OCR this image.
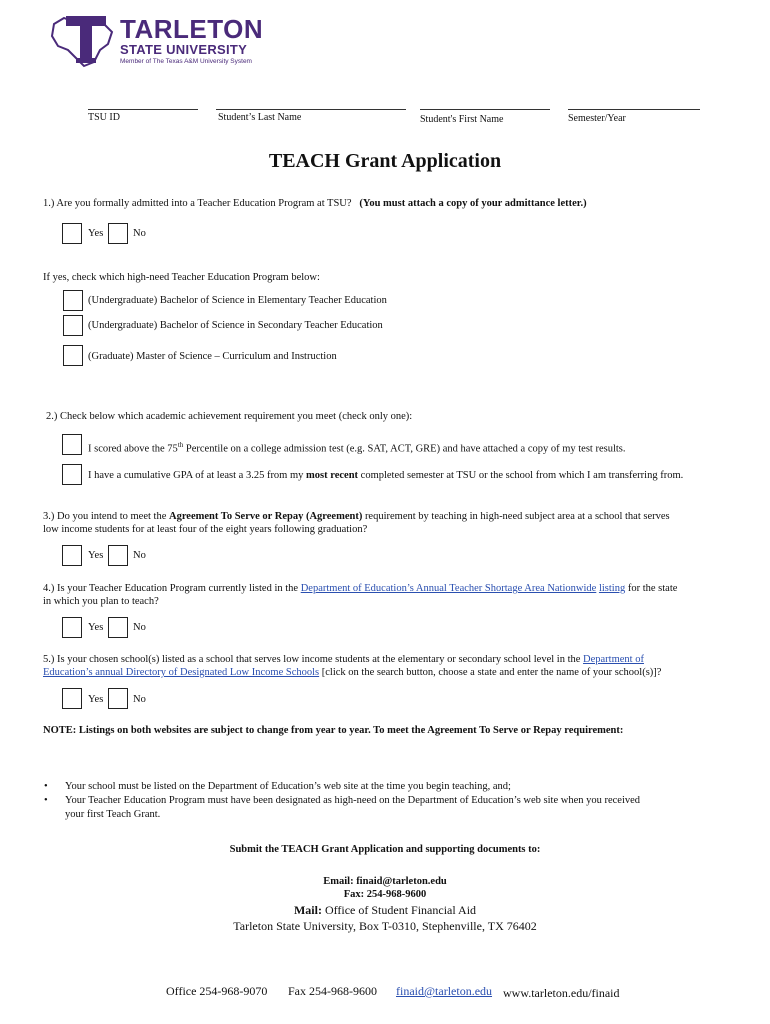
TARLETON
STATE UNIVERSITY
Member of The Texas A&M University System
TSU ID	Student’s Last Name	Student's First Name	Semester/Year
TEACH Grant Application
1.) Are you formally admitted into a Teacher Education Program at TSU? (You must attach a copy of your admittance letter.)
Yes	No
If yes, check which high-need Teacher Education Program below:
(Undergraduate) Bachelor of Science in Elementary Teacher Education
(Undergraduate) Bachelor of Science in Secondary Teacher Education
(Graduate) Master of Science – Curriculum and Instruction
2.) Check below which academic achievement requirement you meet (check only one):
I scored above the 75th Percentile on a college admission test (e.g. SAT, ACT, GRE) and have attached a copy of my test results.
I have a cumulative GPA of at least a 3.25 from my most recent completed semester at TSU or the school from which I am transferring from.
3.) Do you intend to meet the Agreement To Serve or Repay (Agreement) requirement by teaching in high-need subject area at a school that serves
low income students for at least four of the eight years following graduation?
Yes	No
4.) Is your Teacher Education Program currently listed in the Department of Education’s Annual Teacher Shortage Area Nationwide listing for the state
in which you plan to teach?
Yes	No
5.) Is your chosen school(s) listed as a school that serves low income students at the elementary or secondary school level in the Department of
Education’s annual Directory of Designated Low Income Schools [click on the search button, choose a state and enter the name of your school(s)]?
Yes	No
NOTE: Listings on both websites are subject to change from year to year. To meet the Agreement To Serve or Repay requirement:
• Your school must be listed on the Department of Education’s web site at the time you begin teaching, and;
• Your Teacher Education Program must have been designated as high-need on the Department of Education’s web site when you received
your first Teach Grant.
Submit the TEACH Grant Application and supporting documents to:
Email: finaid@tarleton.edu
Fax: 254-968-9600
Mail: Office of Student Financial Aid
Tarleton State University, Box T-0310, Stephenville, TX 76402
Office 254-968-9070 Fax 254-968-9600 finaid@tarleton.edu www.tarleton.edu/finaid
